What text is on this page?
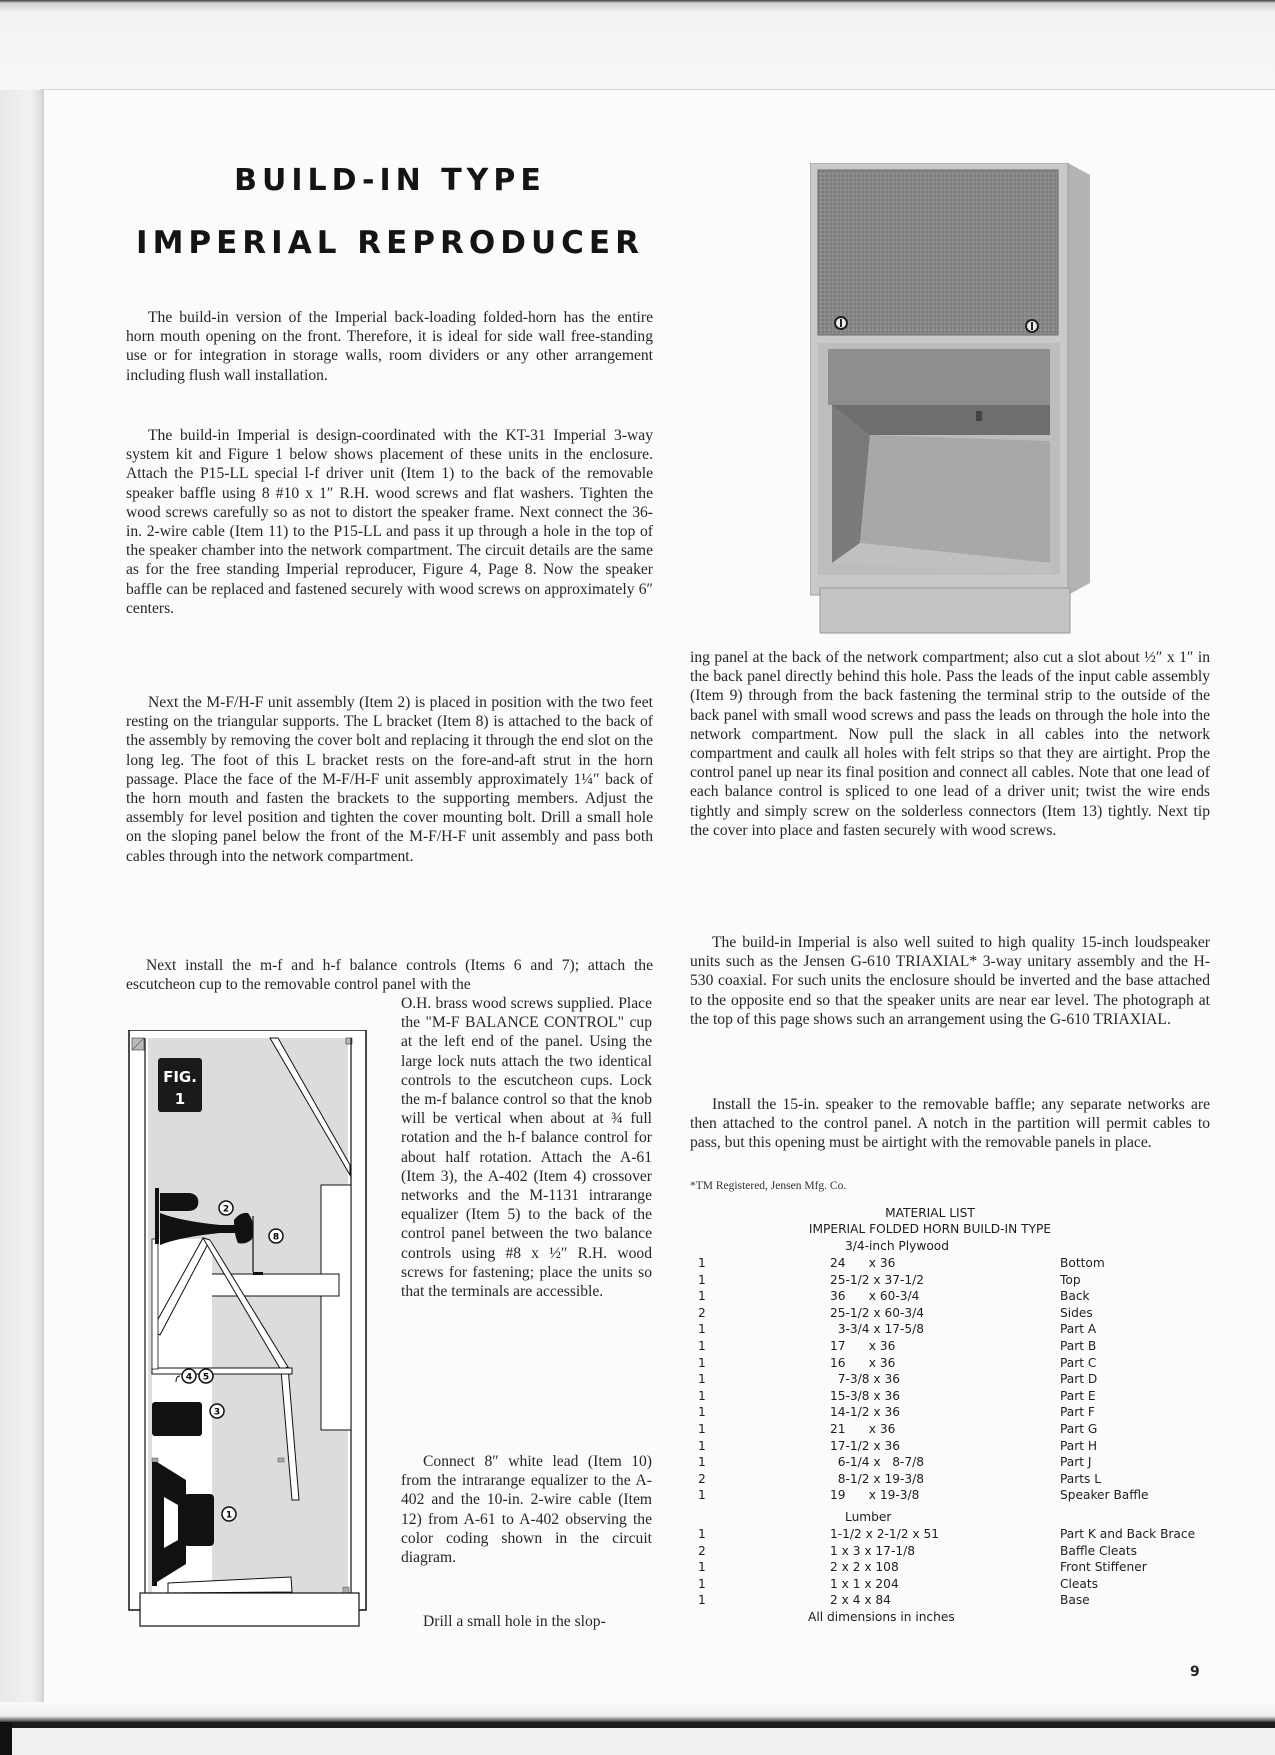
BUILD-IN TYPE
IMPERIAL REPRODUCER

The build-in version of the Imperial back-loading folded-horn has the entire horn mouth opening on the front. Therefore, it is ideal for side wall free-standing use or for integration in storage walls, room dividers or any other arrangement including flush wall installation.

The build-in Imperial is design-coordinated with the KT-31 Imperial 3-way system kit and Figure 1 below shows placement of these units in the enclosure. Attach the P15-LL special l-f driver unit (Item 1) to the back of the removable speaker baffle using 8 #10 x 1″ R.H. wood screws and flat washers. Tighten the wood screws carefully so as not to distort the speaker frame. Next connect the 36-in. 2-wire cable (Item 11) to the P15-LL and pass it up through a hole in the top of the speaker chamber into the network compartment. The circuit details are the same as for the free standing Imperial reproducer, Figure 4, Page 8. Now the speaker baffle can be replaced and fastened securely with wood screws on approximately 6″ centers.

Next the M-F/H-F unit assembly (Item 2) is placed in position with the two feet resting on the triangular supports. The L bracket (Item 8) is attached to the back of the assembly by removing the cover bolt and replacing it through the end slot on the long leg. The foot of this L bracket rests on the fore-and-aft strut in the horn passage. Place the face of the M-F/H-F unit assembly approximately 1¼″ back of the horn mouth and fasten the brackets to the supporting members. Adjust the assembly for level position and tighten the cover mounting bolt. Drill a small hole on the sloping panel below the front of the M-F/H-F unit assembly and pass both cables through into the network compartment.

Next install the m-f and h-f balance controls (Items 6 and 7); attach the escutcheon cup to the removable control panel with the

O.H. brass wood screws supplied. Place the "M-F BALANCE CONTROL" cup at the left end of the panel. Using the large lock nuts attach the two identical controls to the escutcheon cups. Lock the m-f balance control so that the knob will be vertical when about at ¾ full rotation and the h-f balance control for about half rotation. Attach the A-61 (Item 3), the A-402 (Item 4) crossover networks and the M-1131 intrarange equalizer (Item 5) to the back of the control panel between the two balance controls using #8 x ½″ R.H. wood screws for fastening; place the units so that the terminals are accessible.

Connect 8″ white lead (Item 10) from the intrarange equalizer to the A-402 and the 10-in. 2-wire cable (Item 12) from A-61 to A-402 observing the color coding shown in the circuit diagram.

Drill a small hole in the slop-

FIG.
1
2
8
4 5
3
1

ing panel at the back of the network compartment; also cut a slot about ½″ x 1″ in the back panel directly behind this hole. Pass the leads of the input cable assembly (Item 9) through from the back fastening the terminal strip to the outside of the back panel with small wood screws and pass the leads on through the hole into the network compartment. Now pull the slack in all cables into the network compartment and caulk all holes with felt strips so that they are airtight. Prop the control panel up near its final position and connect all cables. Note that one lead of each balance control is spliced to one lead of a driver unit; twist the wire ends tightly and simply screw on the solderless connectors (Item 13) tightly. Next tip the cover into place and fasten securely with wood screws.

The build-in Imperial is also well suited to high quality 15-inch loudspeaker units such as the Jensen G-610 TRIAXIAL* 3-way unitary assembly and the H-530 coaxial. For such units the enclosure should be inverted and the base attached to the opposite end so that the speaker units are near ear level. The photograph at the top of this page shows such an arrangement using the G-610 TRIAXIAL.

Install the 15-in. speaker to the removable baffle; any separate networks are then attached to the control panel. A notch in the partition will permit cables to pass, but this opening must be airtight with the removable panels in place.

*TM Registered, Jensen Mfg. Co.
MATERIAL LIST
IMPERIAL FOLDED HORN BUILD-IN TYPE
3/4-inch Plywood
1	24      x 36	Bottom
1	25-1/2 x 37-1/2	Top
1	36      x 60-3/4	Back
2	25-1/2 x 60-3/4	Sides
1	3-3/4 x 17-5/8	Part A
1	17      x 36	Part B
1	16      x 36	Part C
1	7-3/8 x 36	Part D
1	15-3/8 x 36	Part E
1	14-1/2 x 36	Part F
1	21      x 36	Part G
1	17-1/2 x 36	Part H
1	6-1/4 x   8-7/8	Part J
2	8-1/2 x 19-3/8	Parts L
1	19      x 19-3/8	Speaker Baffle
Lumber
1	1-1/2 x 2-1/2 x 51	Part K and Back Brace
2	1 x 3 x 17-1/8	Baffle Cleats
1	2 x 2 x 108	Front Stiffener
1	1 x 1 x 204	Cleats
1	2 x 4 x 84	Base
All dimensions in inches
9
